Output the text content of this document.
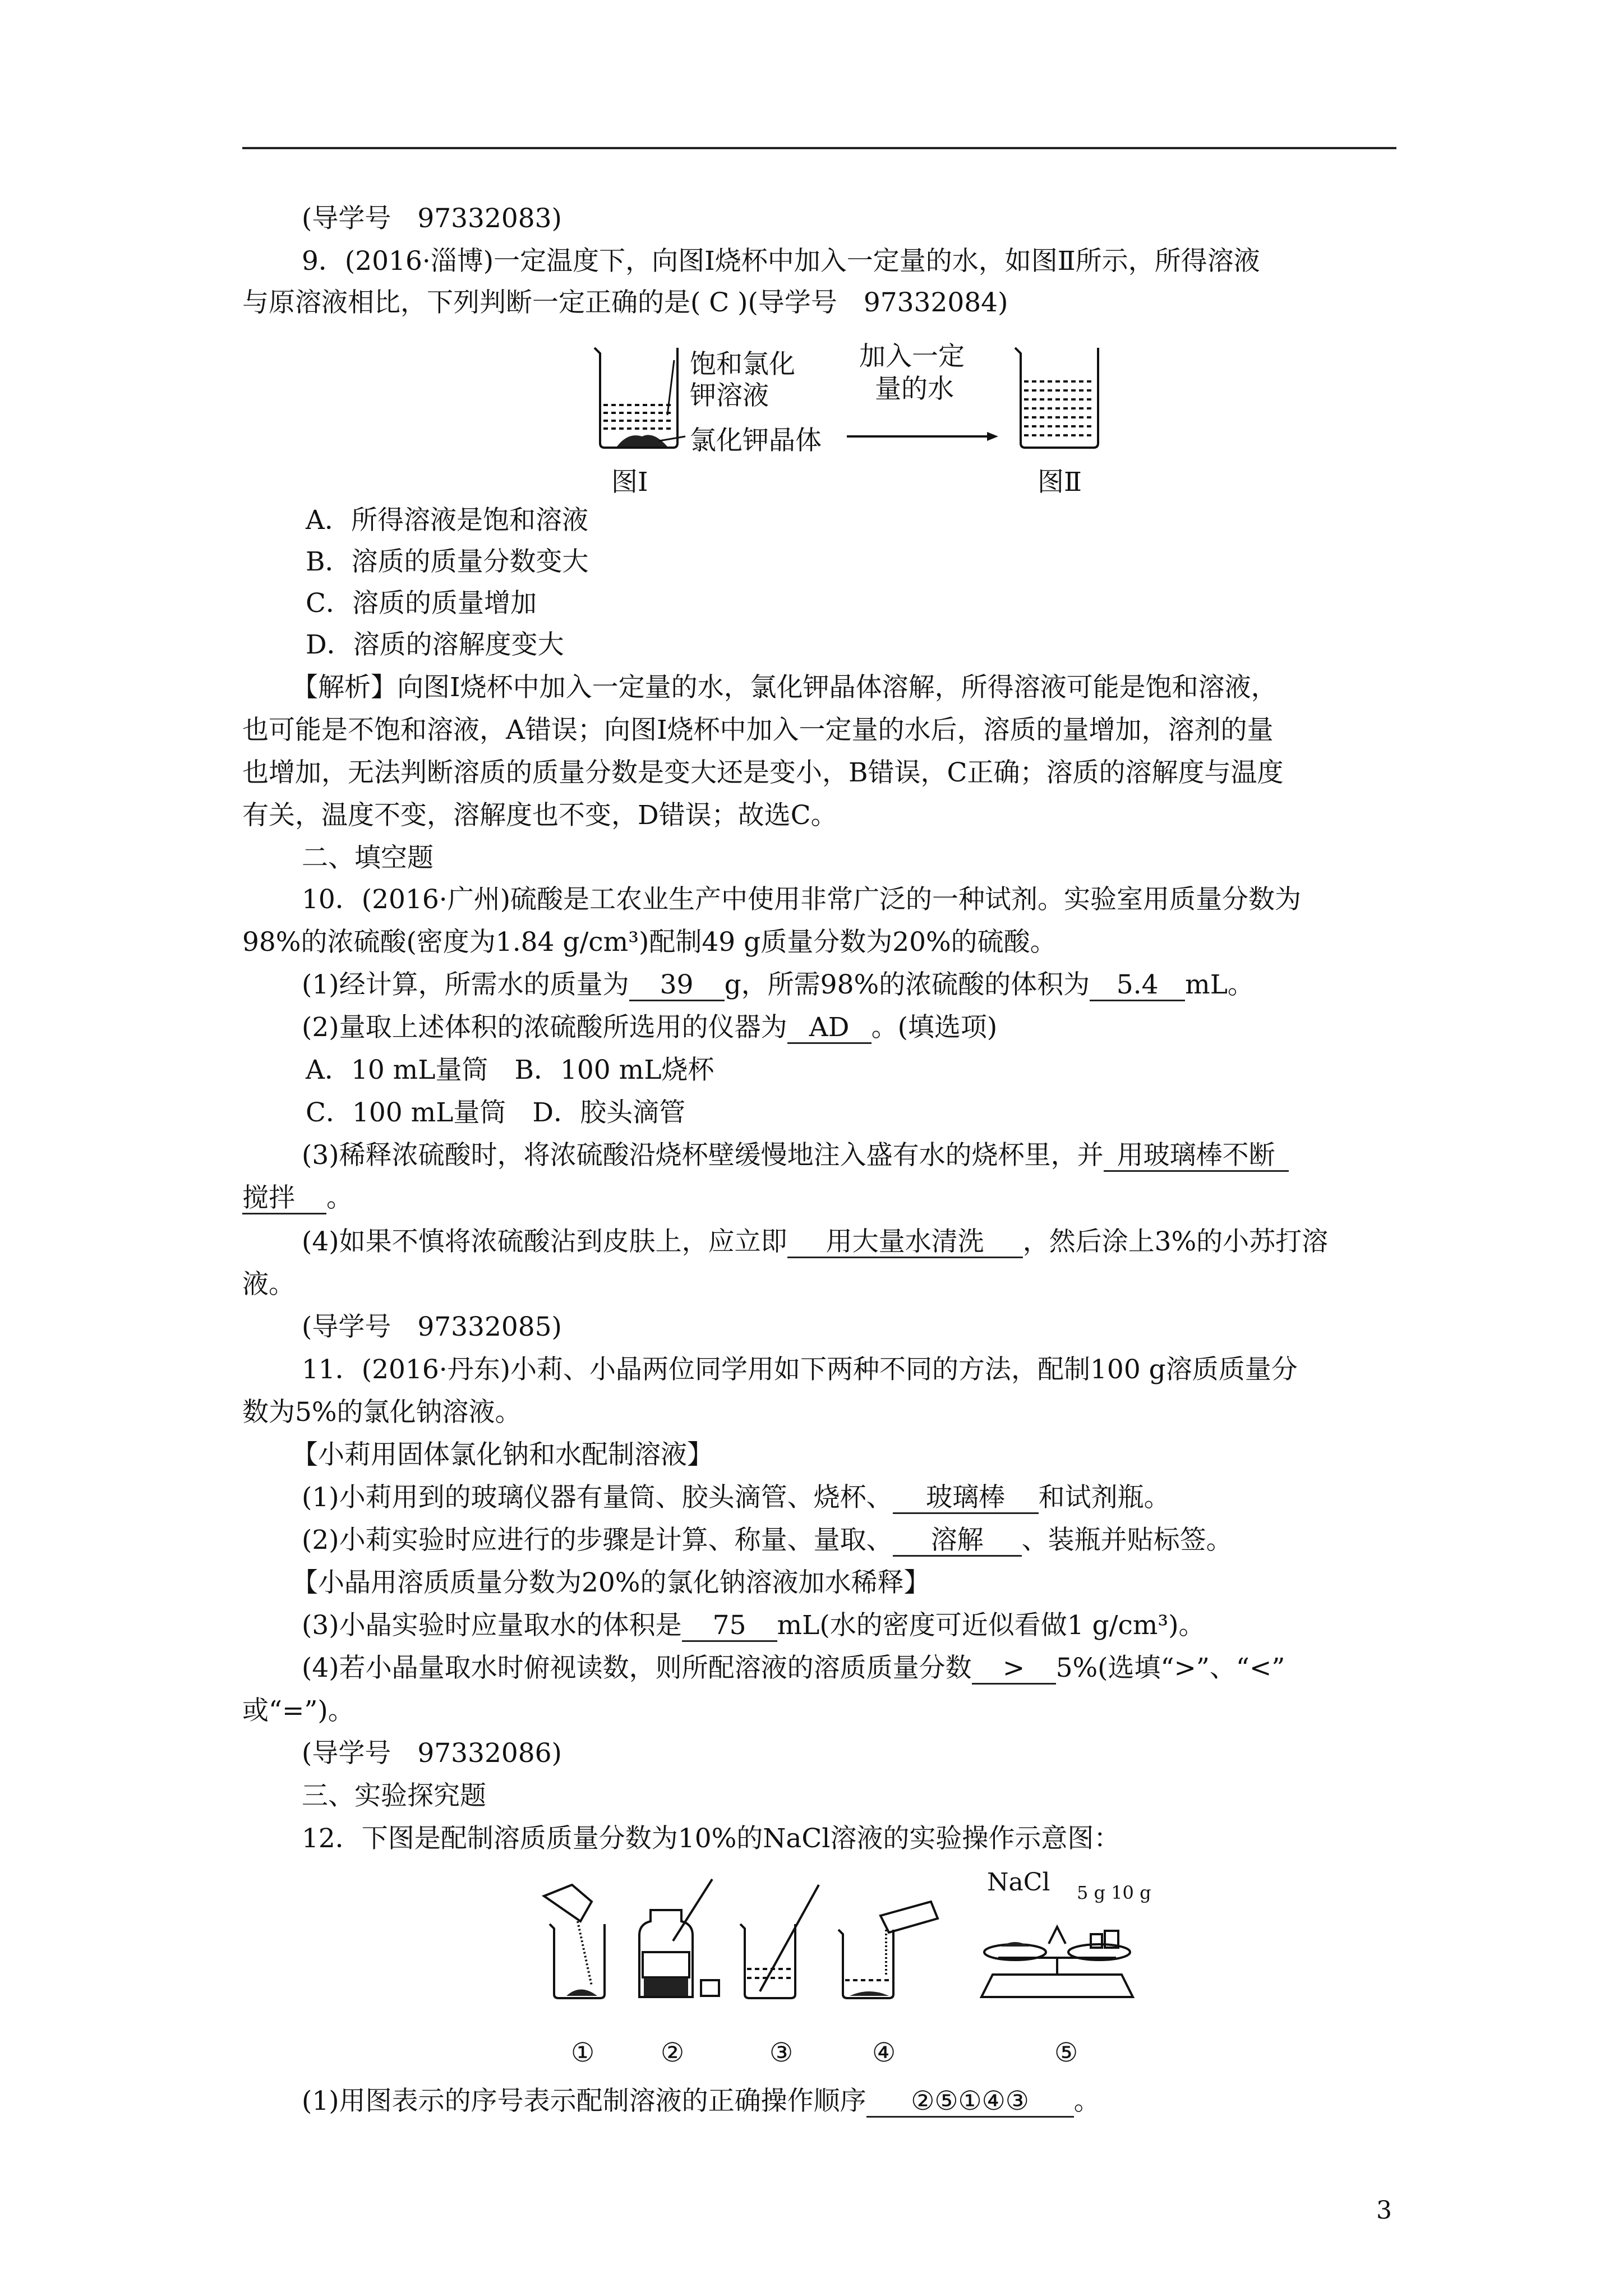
(导学号　97332083)
9．(2016·淄博)一定温度下，向图Ⅰ烧杯中加入一定量的水，如图Ⅱ所示，所得溶液
与原溶液相比，下列判断一定正确的是( C )(导学号　97332084)
饱和氯化
钾溶液
氯化钾晶体
加入一定
量的水
图Ⅰ	图Ⅱ
A．所得溶液是饱和溶液
B．溶质的质量分数变大
C．溶质的质量增加
D．溶质的溶解度变大
【解析】向图Ⅰ烧杯中加入一定量的水，氯化钾晶体溶解，所得溶液可能是饱和溶液，
也可能是不饱和溶液，A错误；向图Ⅰ烧杯中加入一定量的水后，溶质的量增加，溶剂的量
也增加，无法判断溶质的质量分数是变大还是变小，B错误，C正确；溶质的溶解度与温度
有关，温度不变，溶解度也不变，D错误；故选C。
二、填空题
10．(2016·广州)硫酸是工农业生产中使用非常广泛的一种试剂。实验室用质量分数为
98%的浓硫酸(密度为1.84 g/cm³)配制49 g质量分数为20%的硫酸。
(1)经计算，所需水的质量为 39 g，所需98%的浓硫酸的体积为 5.4 mL。
(2)量取上述体积的浓硫酸所选用的仪器为 AD 。(填选项)
A．10 mL量筒　B．100 mL烧杯
C．100 mL量筒　D．胶头滴管
(3)稀释浓硫酸时，将浓硫酸沿烧杯壁缓慢地注入盛有水的烧杯里，并 用玻璃棒不断
搅拌 。
(4)如果不慎将浓硫酸沾到皮肤上，应立即 用大量水清洗 ，然后涂上3%的小苏打溶
液。
(导学号　97332085)
11．(2016·丹东)小莉、小晶两位同学用如下两种不同的方法，配制100 g溶质质量分
数为5%的氯化钠溶液。
【小莉用固体氯化钠和水配制溶液】
(1)小莉用到的玻璃仪器有量筒、胶头滴管、烧杯、 玻璃棒 和试剂瓶。
(2)小莉实验时应进行的步骤是计算、称量、量取、 溶解 、装瓶并贴标签。
【小晶用溶质质量分数为20%的氯化钠溶液加水稀释】
(3)小晶实验时应量取水的体积是 75 mL(水的密度可近似看做1 g/cm³)。
(4)若小晶量取水时俯视读数，则所配溶液的溶质质量分数 > 5%(选填“>”、“<”
或“=”)。
(导学号　97332086)
三、实验探究题
12．下图是配制溶质质量分数为10%的NaCl溶液的实验操作示意图：
NaCl
NaCl 5 g 10 g
①	②	③	④	⑤
(1)用图表示的序号表示配制溶液的正确操作顺序 ②⑤①④③ 。
3
